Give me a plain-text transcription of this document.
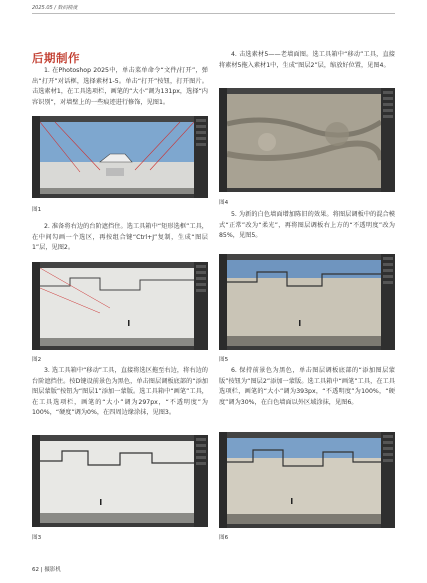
2025.05 / 数码精度
后期制作

1. 在Photoshop 2025中，单击菜单命令“文件/打开”，弹出“打开”对话框，选择素材1-5。单击“打开”按钮，打开图片。击选素材1，在工具选项栏，画笔的“大小”调为131px，选择“内容识别”，对墙壁上的一些痕迹进行修饰，见图1。

图1

2. 准备将右边的台阶遮挡住。选工具箱中“矩形选框”工具，在中间勾画一个选区，再按组合键“Ctrl+J”复制，生成“图层1”层，见图2。

图2

3. 选工具箱中“移动”工具，直接将选区拖至右边，将右边的台阶遮挡住。按D键设前景色为黑色，单击图层调板底部的“添加图层蒙版”按钮为“图层1”添加一蒙版。选工具箱中“画笔”工具，在工具选项栏，画笔的“大小”调为297px，“不透明度”为100%，“硬度”调为0%，在四周边缘涂抹，见图3。

图3

4. 击选素材5——老墙面图。选工具箱中“移动”工具，直接将素材5拖入素材1中，生成“图层2”层，缩放好位置，见图4。

图4

5. 为新的白色墙面增加陈旧的效果。将图层调板中的混合模式“正常”改为“柔光”，再将图层调板右上方的“不透明度”改为85%，见图5。

图5

6. 保持前景色为黑色，单击图层调板底部的“添加图层蒙版”按钮为“图层2”添加一蒙版。选工具箱中“画笔”工具，在工具选项栏，画笔的“大小”调为393px，“不透明度”为100%，“硬度”调为30%，在白色墙面以外区域涂抹，见图6。

图6
62 | 摄影机
